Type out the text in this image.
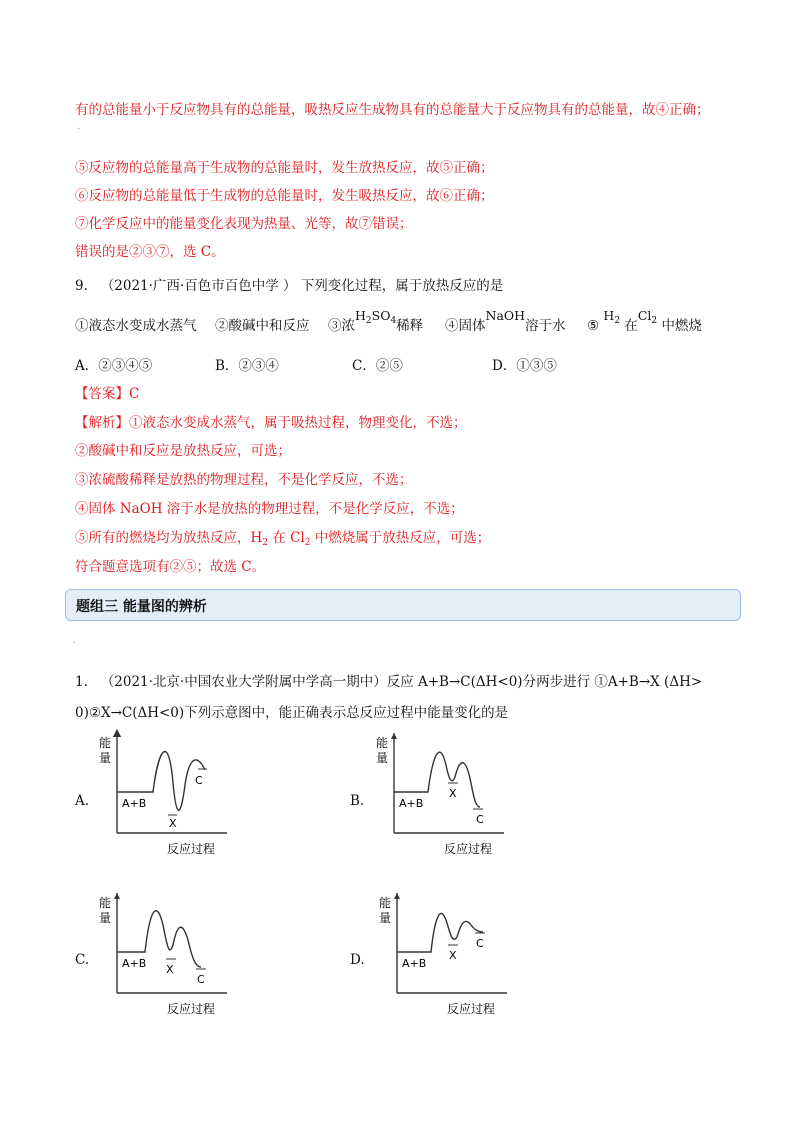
有的总能量小于反应物具有的总能量，吸热反应生成物具有的总能量大于反应物具有的总能量，故④正确；
.
⑤反应物的总能量高于生成物的总能量时，发生放热反应，故⑤正确；
⑥反应物的总能量低于生成物的总能量时，发生吸热反应，故⑥正确；
⑦化学反应中的能量变化表现为热量、光等，故⑦错误；
错误的是②③⑦，选 C。
9. （2021·广西·百色市百色中学 ） 下列变化过程，属于放热反应的是
①液态水变成水蒸气 ②酸碱中和反应 ③浓$H_2SO_4$稀释 ④固体NaOH溶于水 ⑤ $H_2$ 在$Cl_2$ 中燃烧
A．②③④⑤	B．②③④	C．②⑤	D．①③⑤
【答案】C
【解析】①液态水变成水蒸气，属于吸热过程，物理变化，不选；
②酸碱中和反应是放热反应，可选；
③浓硫酸稀释是放热的物理过程，不是化学反应，不选；
④固体 NaOH 溶于水是放热的物理过程，不是化学反应，不选；
⑤所有的燃烧均为放热反应，$H_2$ 在 $Cl_2$ 中燃烧属于放热反应，可选；
符合题意选项有②⑤；故选 C。
题组三 能量图的辨析
.
1. （2021·北京·中国农业大学附属中学高一期中）反应 A+B→C(ΔH<0)分两步进行 ①A+B→X (ΔH>
0)②X→C(ΔH<0)下列示意图中，能正确表示总反应过程中能量变化的是
A.	B.
C.	D.
能
量
A+B
X
C
反应过程
能
量
A+B
X
C
反应过程
能
量
A+B X
C
反应过程
能
量
A+B
X
C
反应过程
